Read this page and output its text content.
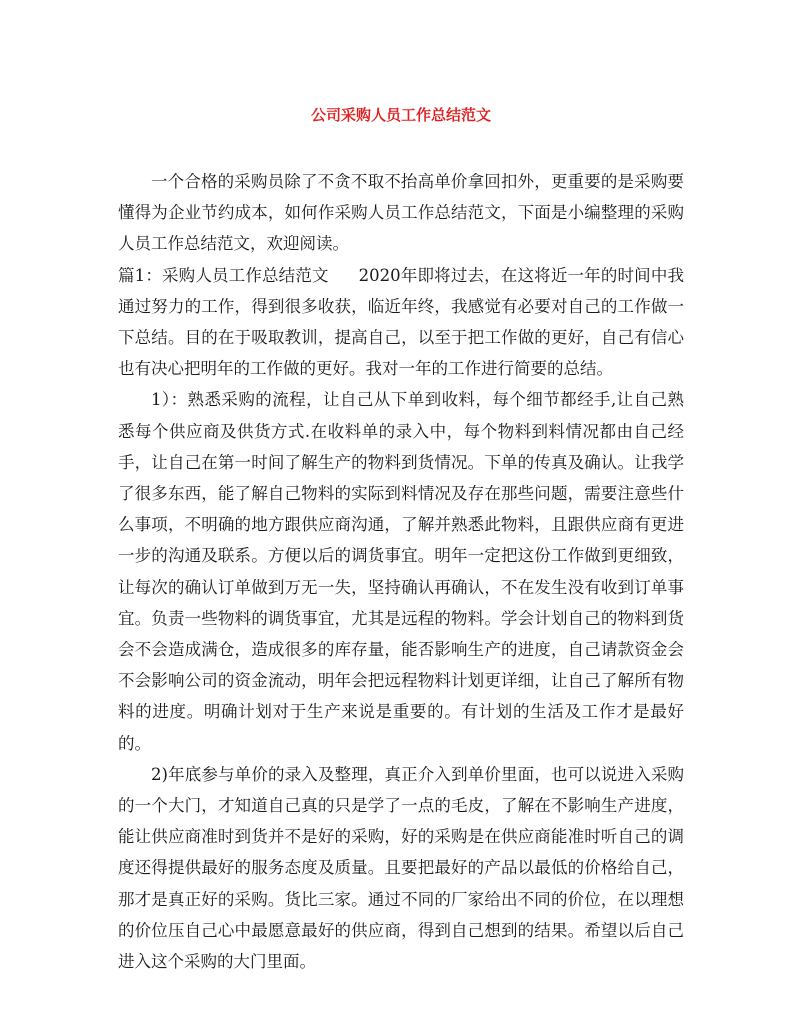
公司采购人员工作总结范文

一个合格的采购员除了不贪不取不抬高单价拿回扣外，更重要的是采购要懂得为企业节约成本，如何作采购人员工作总结范文，下面是小编整理的采购人员工作总结范文，欢迎阅读。

篇1：采购人员工作总结范文 2020年即将过去，在这将近一年的时间中我通过努力的工作，得到很多收获，临近年终，我感觉有必要对自己的工作做一下总结。目的在于吸取教训，提高自己，以至于把工作做的更好，自己有信心也有决心把明年的工作做的更好。我对一年的工作进行简要的总结。

1）：熟悉采购的流程，让自己从下单到收料，每个细节都经手,让自己熟悉每个供应商及供货方式.在收料单的录入中，每个物料到料情况都由自己经手，让自己在第一时间了解生产的物料到货情况。下单的传真及确认。让我学了很多东西，能了解自己物料的实际到料情况及存在那些问题，需要注意些什么事项，不明确的地方跟供应商沟通，了解并熟悉此物料，且跟供应商有更进一步的沟通及联系。方便以后的调货事宜。明年一定把这份工作做到更细致，让每次的确认订单做到万无一失，坚持确认再确认，不在发生没有收到订单事宜。负责一些物料的调货事宜，尤其是远程的物料。学会计划自己的物料到货会不会造成满仓，造成很多的库存量，能否影响生产的进度，自己请款资金会不会影响公司的资金流动，明年会把远程物料计划更详细，让自己了解所有物料的进度。明确计划对于生产来说是重要的。有计划的生活及工作才是最好的。

2)年底参与单价的录入及整理，真正介入到单价里面，也可以说进入采购的一个大门，才知道自己真的只是学了一点的毛皮，了解在不影响生产进度，能让供应商准时到货并不是好的采购，好的采购是在供应商能准时听自己的调度还得提供最好的服务态度及质量。且要把最好的产品以最低的价格给自己，那才是真正好的采购。货比三家。通过不同的厂家给出不同的价位，在以理想的价位压自己心中最愿意最好的供应商，得到自己想到的结果。希望以后自己进入这个采购的大门里面。
